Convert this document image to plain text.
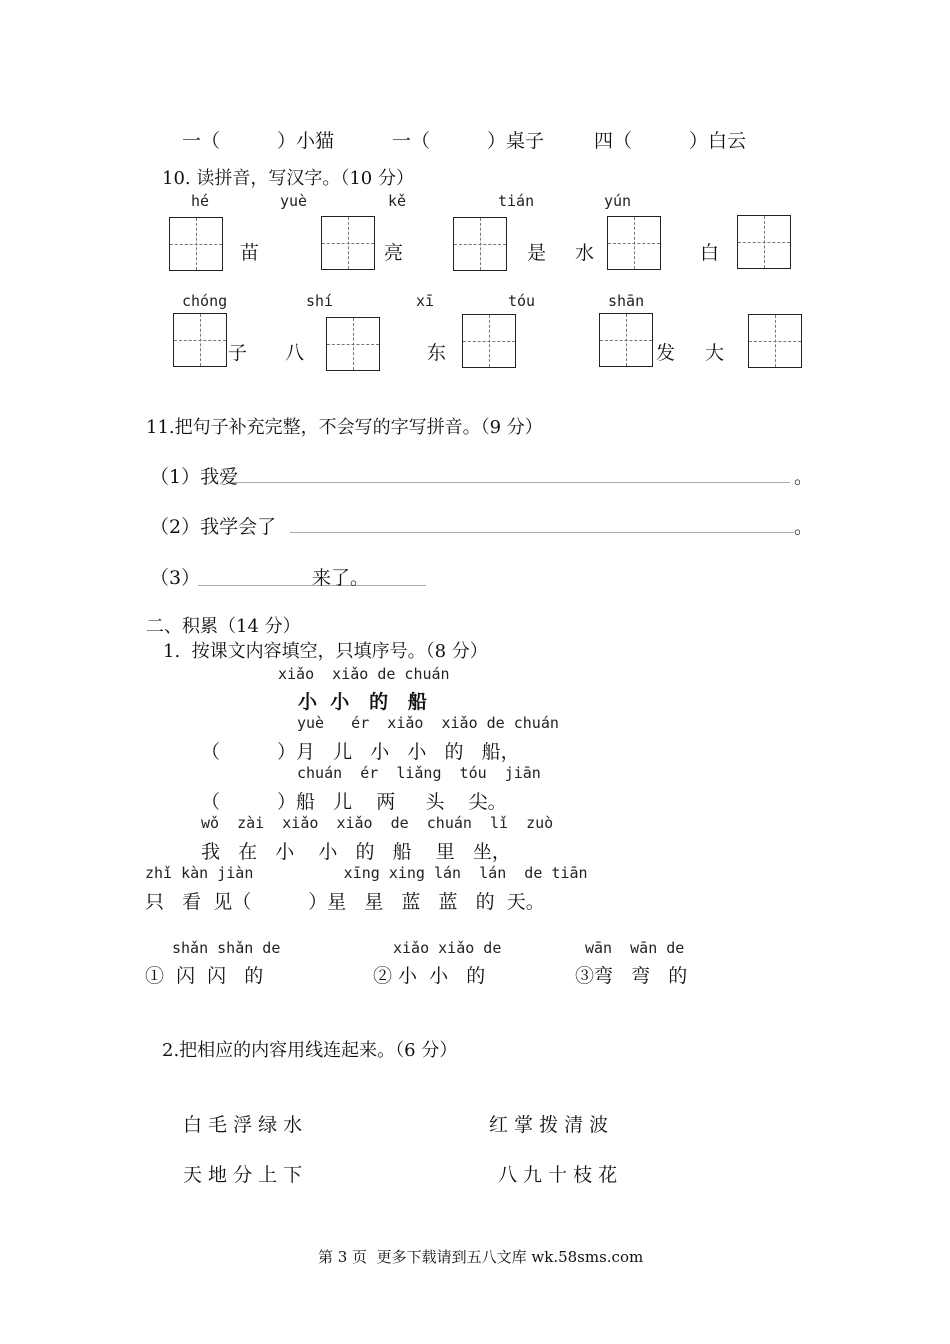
一（　　　）小猫	一（　　　）桌子	四（　　　）白云
10. 读拼音，写汉字。（10 分）
hé	yuè	kě	tián	yún
苗	亮	是 水	白
chóng	shí	xī	tóu	shān
子 八	东	发 大
11.把句子补充完整，不会写的字写拼音。（9 分）
（1）我爱	。
（2）我学会了	。
（3）	来了。
二、积累（14 分）
1.  按课文内容填空，只填序号。（8 分）
xiǎo  xiǎo de chuán
小  小   的   船
yuè   ér  xiǎo  xiǎo de chuán
（　　　）月   儿   小   小   的   船，
chuán  ér  liǎng  tóu  jiān
（　　　）船   儿    两     头    尖。
wǒ  zài  xiǎo  xiǎo  de  chuán  lǐ  zuò
我   在   小    小   的   船    里   坐，
zhǐ kàn jiàn          xīng xing lán  lán  de tiān
只   看  见（　　　）星   星   蓝   蓝   的  天。
shǎn shǎn de	xiǎo xiǎo de	wān  wān de
①  闪  闪   的	② 小  小   的	③弯   弯   的
2.把相应的内容用线连起来。（6 分）
白 毛 浮 绿 水	红 掌 拨 清 波
天 地 分 上 下	八 九 十 枝 花
第 3 页  更多下载请到五八文库 wk.58sms.com
